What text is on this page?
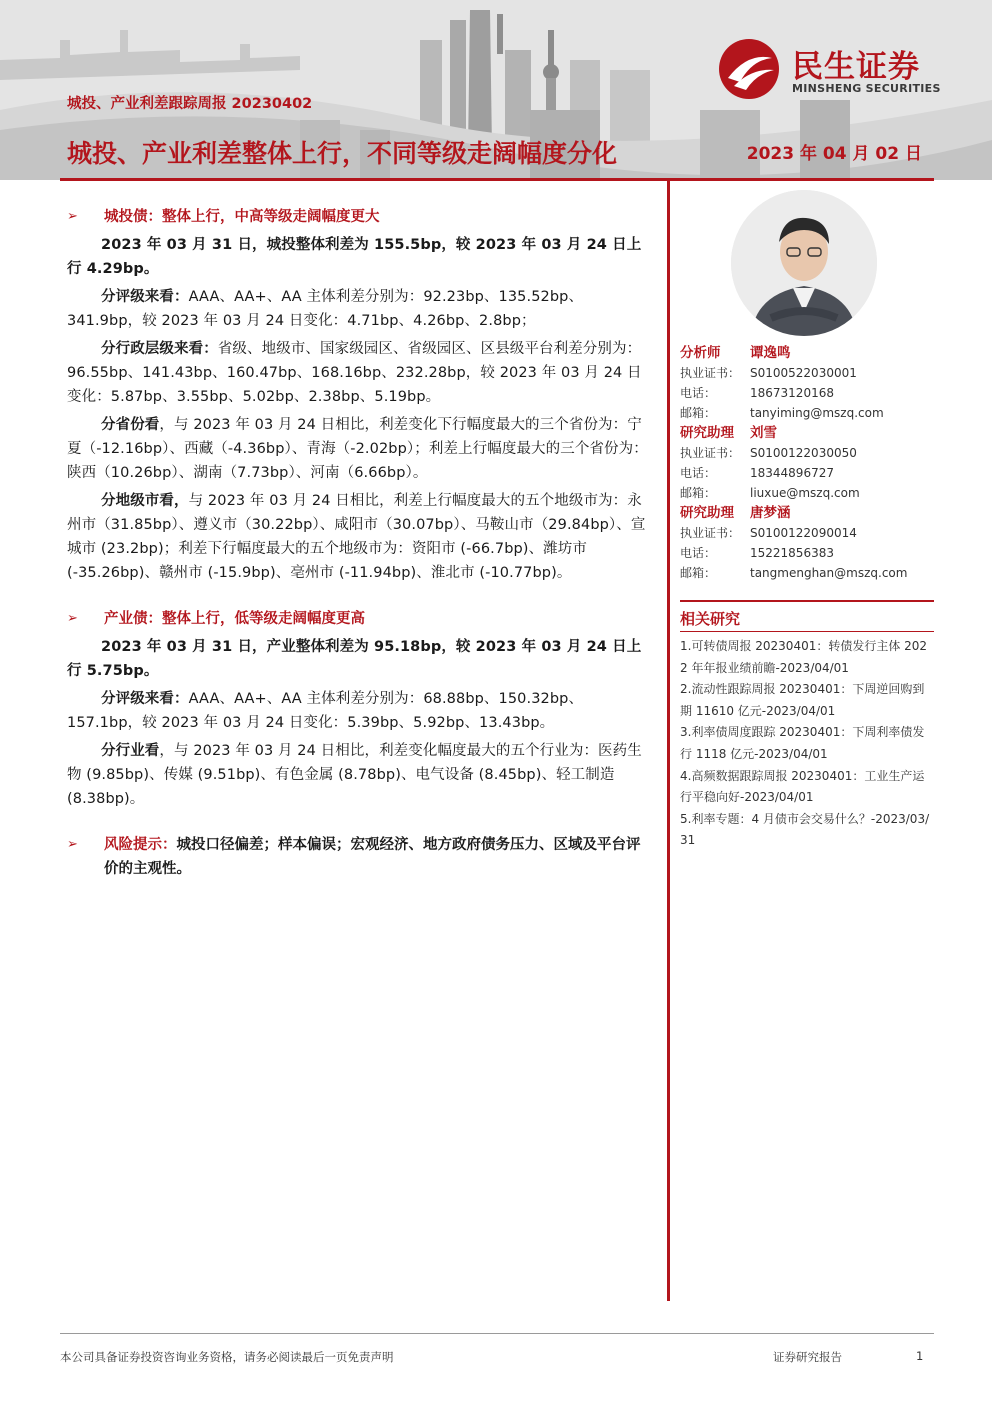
城投、产业利差跟踪周报 20230402
城投、产业利差整体上行，不同等级走阔幅度分化	2023 年 04 月 02 日
民生证券
MINSHENG SECURITIES
➢ 城投债：整体上行，中高等级走阔幅度更大
2023 年 03 月 31 日，城投整体利差为 155.5bp，较 2023 年 03 月 24 日上行 4.29bp。
分评级来看：AAA、AA+、AA 主体利差分别为：92.23bp、135.52bp、341.9bp，较 2023 年 03 月 24 日变化：4.71bp、4.26bp、2.8bp；
分行政层级来看：省级、地级市、国家级园区、省级园区、区县级平台利差分别为：96.55bp、141.43bp、160.47bp、168.16bp、232.28bp，较 2023 年 03 月 24 日变化：5.87bp、3.55bp、5.02bp、2.38bp、5.19bp。
分省份看，与 2023 年 03 月 24 日相比，利差变化下行幅度最大的三个省份为：宁夏（-12.16bp）、西藏（-4.36bp）、青海（-2.02bp）；利差上行幅度最大的三个省份为：陕西（10.26bp）、湖南（7.73bp）、河南（6.66bp）。
分地级市看，与 2023 年 03 月 24 日相比，利差上行幅度最大的五个地级市为：永州市（31.85bp）、遵义市（30.22bp）、咸阳市（30.07bp）、马鞍山市（29.84bp）、宣城市 (23.2bp)；利差下行幅度最大的五个地级市为：资阳市 (-66.7bp)、潍坊市 (-35.26bp)、赣州市 (-15.9bp)、亳州市 (-11.94bp)、淮北市 (-10.77bp)。
➢ 产业债：整体上行，低等级走阔幅度更高
2023 年 03 月 31 日，产业整体利差为 95.18bp，较 2023 年 03 月 24 日上行 5.75bp。
分评级来看：AAA、AA+、AA 主体利差分别为：68.88bp、150.32bp、157.1bp，较 2023 年 03 月 24 日变化：5.39bp、5.92bp、13.43bp。
分行业看，与 2023 年 03 月 24 日相比，利差变化幅度最大的五个行业为：医药生物 (9.85bp)、传媒 (9.51bp)、有色金属 (8.78bp)、电气设备 (8.45bp)、轻工制造 (8.38bp)。
➢ 风险提示：城投口径偏差；样本偏误；宏观经济、地方政府债务压力、区域及平台评价的主观性。
分析师 谭逸鸣
执业证书： S0100522030001
电话：	18673120168
邮箱：	tanyiming@mszq.com
研究助理 刘雪
执业证书： S0100122030050
电话：	18344896727
邮箱：	liuxue@mszq.com
研究助理 唐梦涵
执业证书： S0100122090014
电话：	15221856383
邮箱：	tangmenghan@mszq.com
相关研究
1.可转债周报 20230401：转债发行主体 2022 年年报业绩前瞻-2023/04/01
2.流动性跟踪周报 20230401：下周逆回购到期 11610 亿元-2023/04/01
3.利率债周度跟踪 20230401：下周利率债发行 1118 亿元-2023/04/01
4.高频数据跟踪周报 20230401：工业生产运行平稳向好-2023/04/01
5.利率专题：4 月债市会交易什么？-2023/03/31
本公司具备证券投资咨询业务资格，请务必阅读最后一页免责声明	证券研究报告	1
